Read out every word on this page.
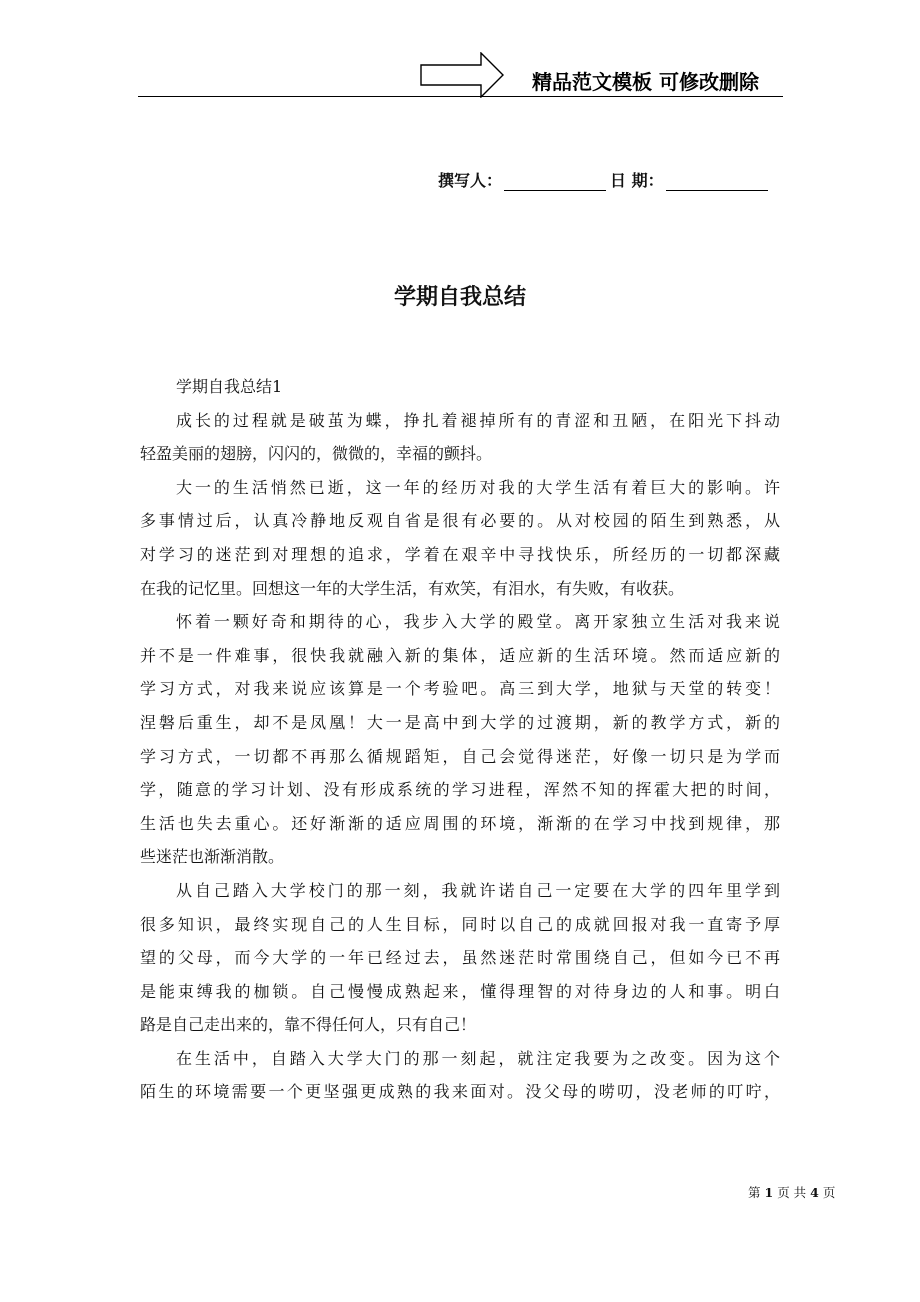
精品范文模板 可修改删除
撰写人：	日 期：
学期自我总结
学期自我总结1
成长的过程就是破茧为蝶，挣扎着褪掉所有的青涩和丑陋，在阳光下抖动
轻盈美丽的翅膀，闪闪的，微微的，幸福的颤抖。
大一的生活悄然已逝，这一年的经历对我的大学生活有着巨大的影响。许
多事情过后，认真冷静地反观自省是很有必要的。从对校园的陌生到熟悉，从
对学习的迷茫到对理想的追求，学着在艰辛中寻找快乐，所经历的一切都深藏
在我的记忆里。回想这一年的大学生活，有欢笑，有泪水，有失败，有收获。
怀着一颗好奇和期待的心，我步入大学的殿堂。离开家独立生活对我来说
并不是一件难事，很快我就融入新的集体，适应新的生活环境。然而适应新的
学习方式，对我来说应该算是一个考验吧。高三到大学，地狱与天堂的转变！
涅磐后重生，却不是凤凰！大一是高中到大学的过渡期，新的教学方式，新的
学习方式，一切都不再那么循规蹈矩，自己会觉得迷茫，好像一切只是为学而
学，随意的学习计划、没有形成系统的学习进程，浑然不知的挥霍大把的时间，
生活也失去重心。还好渐渐的适应周围的环境，渐渐的在学习中找到规律，那
些迷茫也渐渐消散。
从自己踏入大学校门的那一刻，我就许诺自己一定要在大学的四年里学到
很多知识，最终实现自己的人生目标，同时以自己的成就回报对我一直寄予厚
望的父母，而今大学的一年已经过去，虽然迷茫时常围绕自己，但如今已不再
是能束缚我的枷锁。自己慢慢成熟起来，懂得理智的对待身边的人和事。明白
路是自己走出来的，靠不得任何人，只有自己！
在生活中，自踏入大学大门的那一刻起，就注定我要为之改变。因为这个
陌生的环境需要一个更坚强更成熟的我来面对。没父母的唠叨，没老师的叮咛，
第 1 页 共 4 页
